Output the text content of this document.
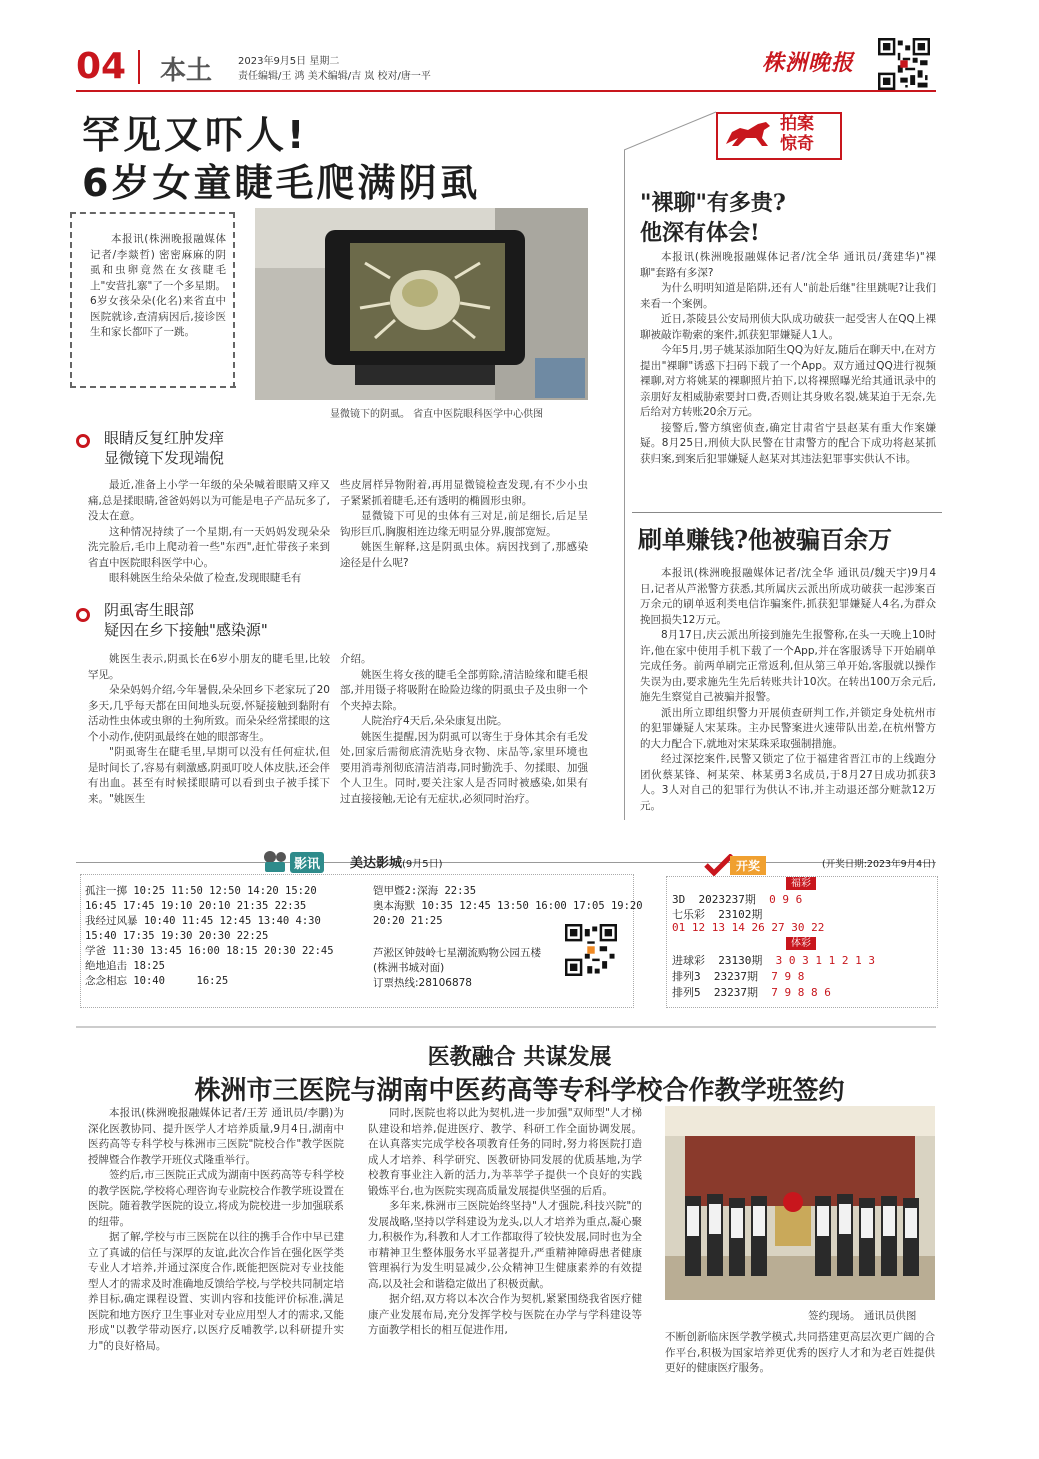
04 本土	2023年9月5日 星期二
责任编辑/王 鸿 美术编辑/吉 岚 校对/唐一平
株洲晚报
罕见又吓人!
6岁女童睫毛爬满阴虱

本报讯(株洲晚报融媒体记者/李燚哲) 密密麻麻的阴虱和虫卵竟然在女孩睫毛上"安营扎寨"了一个多星期。6岁女孩朵朵(化名)来省直中医院就诊,查清病因后,接诊医生和家长都吓了一跳。

显微镜下的阴虱。 省直中医院眼科医学中心供图
眼睛反复红肿发痒
显微镜下发现端倪

最近,准备上小学一年级的朵朵喊着眼睛又痒又痛,总是揉眼睛,爸爸妈妈以为可能是电子产品玩多了,没太在意。

这种情况持续了一个星期,有一天妈妈发现朵朵洗完脸后,毛巾上爬动着一些"东西",赶忙带孩子来到省直中医院眼科医学中心。

眼科姚医生给朵朵做了检查,发现眼睫毛有

些皮屑样异物附着,再用显微镜检查发现,有不少小虫子紧紧抓着睫毛,还有透明的椭圆形虫卵。

显微镜下可见的虫体有三对足,前足细长,后足呈钩形巨爪,胸腹相连边缘无明显分界,腹部宽短。

姚医生解释,这是阴虱虫体。病因找到了,那感染途径是什么呢?

阴虱寄生眼部
疑因在乡下接触"感染源"

姚医生表示,阴虱长在6岁小朋友的睫毛里,比较罕见。

朵朵妈妈介绍,今年暑假,朵朵回乡下老家玩了20多天,几乎每天都在田间地头玩耍,怀疑接触到黏附有活动性虫体或虫卵的土狗所致。而朵朵经常揉眼的这个小动作,使阴虱最终在她的眼部寄生。

"阴虱寄生在睫毛里,早期可以没有任何症状,但是时间长了,容易有刺激感,阴虱叮咬人体皮肤,还会伴有出血。甚至有时候揉眼睛可以看到虫子被手揉下来。"姚医生

介绍。

姚医生将女孩的睫毛全部剪除,清洁睑缘和睫毛根部,并用镊子将吸附在睑险边缘的阴虱虫子及虫卵一个个夹掉去除。

人院治疗4天后,朵朵康复出院。

姚医生提醒,因为阴虱可以寄生于身体其余有毛发处,回家后需彻底清洗贴身衣物、床品等,家里环境也要用消毒剂彻底清洁消毒,同时勤洗手、勿揉眼、加强个人卫生。同时,要关注家人是否同时被感染,如果有过直接接触,无论有无症状,必须同时治疗。

拍案惊奇
"裸聊"有多贵?
他深有体会!

本报讯(株洲晚报融媒体记者/沈全华 通讯员/龚建华)"裸聊"套路有多深?

为什么明明知道是陷阱,还有人"前赴后继"往里跳呢?让我们来看一个案例。

近日,茶陵县公安局刑侦大队成功破获一起受害人在QQ上裸聊被敲诈勒索的案件,抓获犯罪嫌疑人1人。

今年5月,男子姚某添加陌生QQ为好友,随后在聊天中,在对方提出"裸聊"诱惑下扫码下载了一个App。双方通过QQ进行视频裸聊,对方将姚某的裸聊照片拍下,以将裸照曝光给其通讯录中的亲朋好友相威胁索要封口费,否则让其身败名裂,姚某迫于无奈,先后给对方转账20余万元。

接警后,警方缜密侦查,确定甘肃省宁县赵某有重大作案嫌疑。8月25日,刑侦大队民警在甘肃警方的配合下成功将赵某抓获归案,到案后犯罪嫌疑人赵某对其违法犯罪事实供认不讳。

刷单赚钱?他被骗百余万

本报讯(株洲晚报融媒体记者/沈全华 通讯员/魏天宇)9月4日,记者从芦淞警方获悉,其所属庆云派出所成功破获一起涉案百万余元的刷单返利类电信诈骗案件,抓获犯罪嫌疑人4名,为群众挽回损失12万元。

8月17日,庆云派出所接到施先生报警称,在头一天晚上10时许,他在家中使用手机下载了一个App,并在客服诱导下开始刷单完成任务。前两单刷完正常返利,但从第三单开始,客服就以操作失误为由,要求施先生先后转账共计10次。在转出100万余元后,施先生察觉自己被骗并报警。

派出所立即组织警力开展侦查研判工作,并锁定身处杭州市的犯罪嫌疑人宋某珠。主办民警案进火速带队出差,在杭州警方的大力配合下,就地对宋某珠采取强制措施。

经过深挖案件,民警又锁定了位于福建省晋江市的上线跑分团伙蔡某锋、柯某荣、林某勇3名成员,于8月27日成功抓获3人。3人对自己的犯罪行为供认不讳,并主动退还部分赃款12万元。

影讯	美达影城(9月5日)
孤注一掷 10:25 11:50 12:50 14:20 15:20
16:45 17:45 19:10 20:10 21:35 22:35
我经过风暴 10:40 11:45 12:45 13:40 4:30
15:40 17:35 19:30 20:30 22:25
学爸 11:30 13:45 16:00 18:15 20:30 22:45
绝地追击 18:25
念念相忘 10:40     16:25
铠甲暨2:深海 22:35
奥本海默 10:35 12:45 13:50 16:00 17:05 19:20
20:20 21:25
芦淞区钟鼓岭七星潮流购物公园五楼(株洲书城对面)
订票热线:28106878
开奖	(开奖日期:2023年9月4日)
福彩
3D  2023237期 0 9 6
七乐彩  23102期
01 12 13 14 26 27 30 22
体彩
进球彩  23130期 3 0 3 1 1 2 1 3
排列3  23237期 7 9 8
排列5  23237期 7 9 8 8 6
医教融合 共谋发展
株洲市三医院与湖南中医药高等专科学校合作教学班签约

本报讯(株洲晚报融媒体记者/王芳 通讯员/李鹏)为深化医教协同、提升医学人才培养质量,9月4日,湖南中医药高等专科学校与株洲市三医院"院校合作"教学医院授牌暨合作教学开班仪式隆重举行。

签约后,市三医院正式成为湖南中医药高等专科学校的教学医院,学校将心理咨询专业院校合作教学班设置在医院。随着教学医院的设立,将成为院校进一步加强联系的纽带。

据了解,学校与市三医院在以往的携手合作中早已建立了真诚的信任与深厚的友谊,此次合作旨在强化医学类专业人才培养,并通过深度合作,既能把医院对专业技能型人才的需求及时准确地反馈给学校,与学校共同制定培养目标,确定课程设置、实训内容和技能评价标准,满足医院和地方医疗卫生事业对专业应用型人才的需求,又能形成"以教学带动医疗,以医疗反哺教学,以科研提升实力"的良好格局。

同时,医院也将以此为契机,进一步加强"双师型"人才梯队建设和培养,促进医疗、教学、科研工作全面协调发展。在认真落实完成学校各项教育任务的同时,努力将医院打造成人才培养、科学研究、医教研协同发展的优质基地,为学校教育事业注入新的活力,为莘莘学子提供一个良好的实践锻炼平台,也为医院实现高质量发展提供坚强的后盾。

多年来,株洲市三医院始终坚持"人才强院,科技兴院"的发展战略,坚持以学科建设为龙头,以人才培养为重点,凝心聚力,积极作为,科教和人才工作都取得了较快发展,同时也为全市精神卫生整体服务水平显著提升,严重精神障碍患者健康管理祸行为发生明显减少,公众精神卫生健康素养的有效提高,以及社会和谐稳定做出了积极贡献。

据介绍,双方将以本次合作为契机,紧紧围绕我省医疗健康产业发展布局,充分发挥学校与医院在办学与学科建设等方面教学相长的相互促进作用,

签约现场。 通讯员供图

不断创新临床医学教学模式,共同搭建更高层次更广阔的合作平台,积极为国家培养更优秀的医疗人才和为老百姓提供更好的健康医疗服务。
